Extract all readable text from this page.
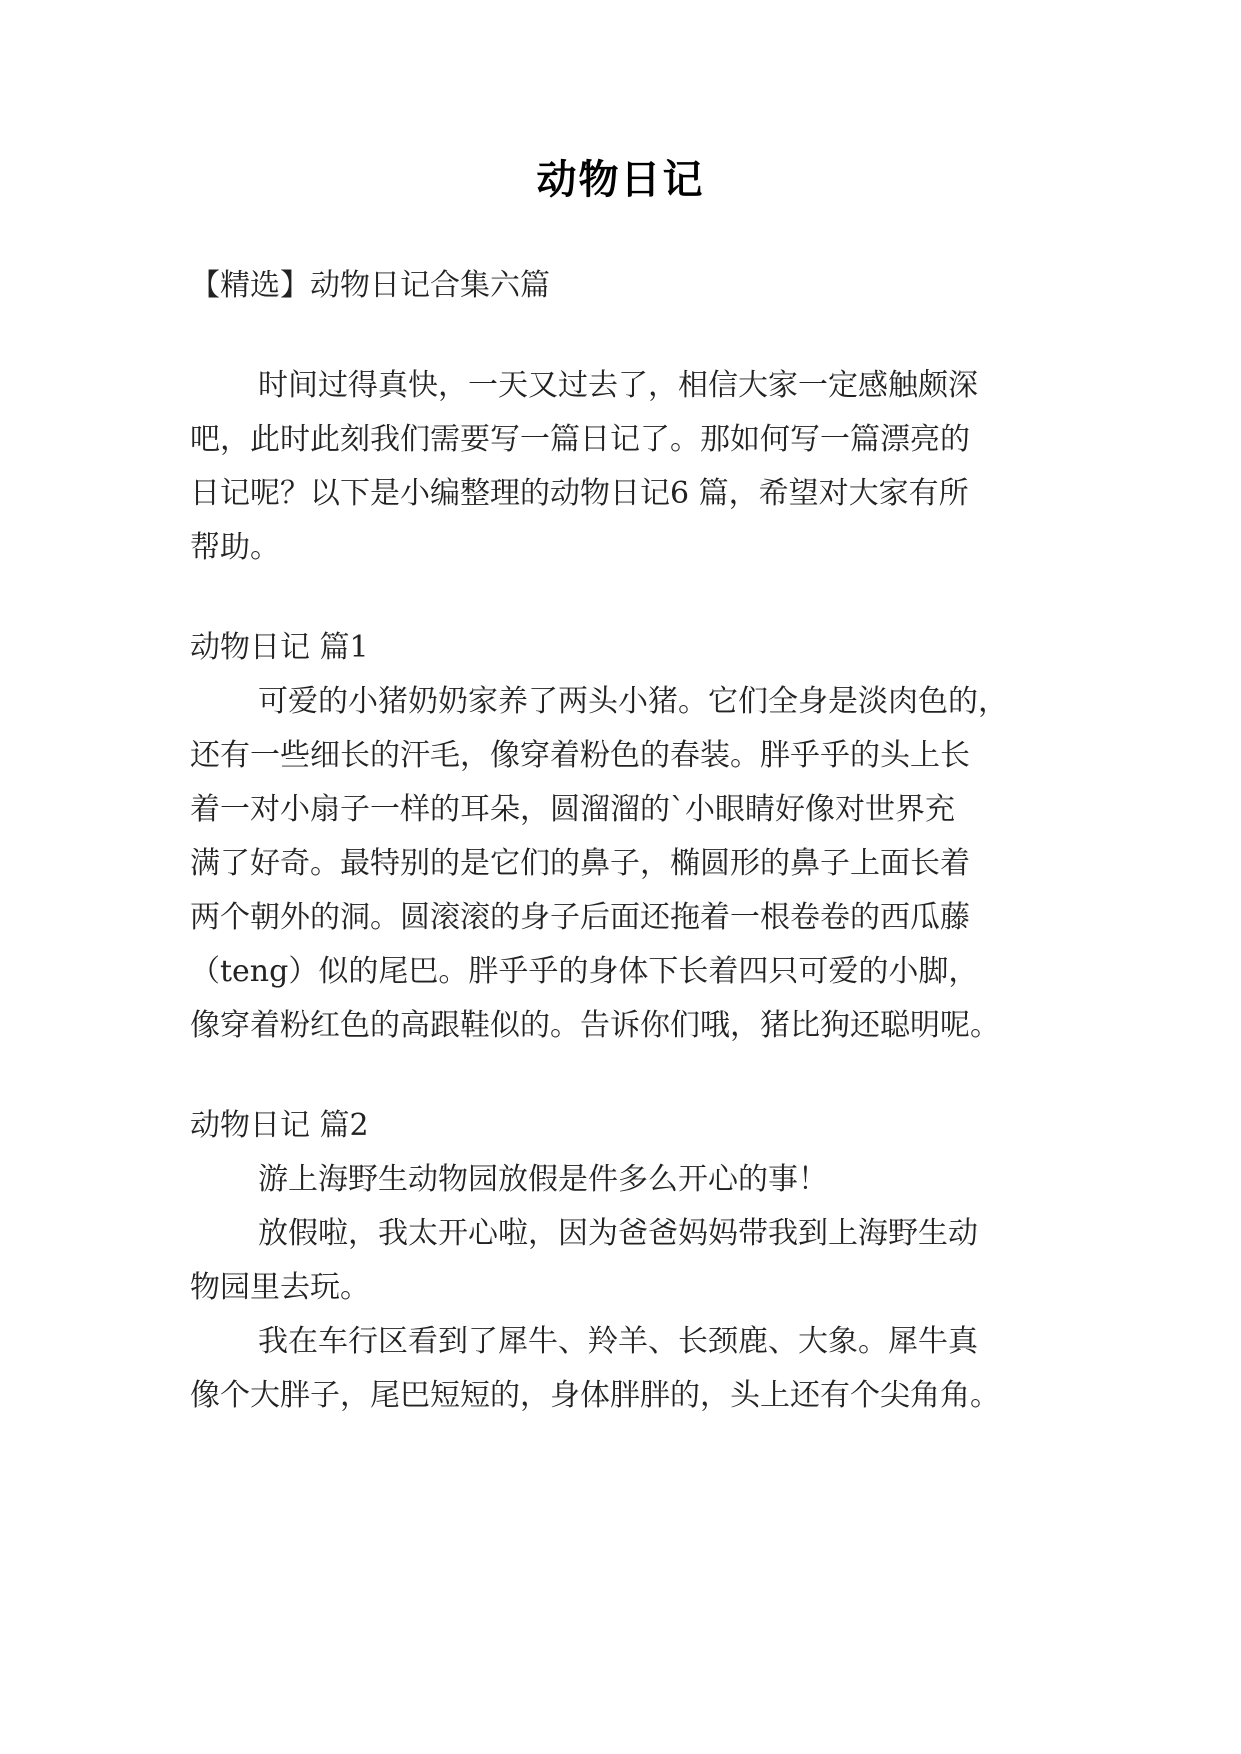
动物日记
【精选】动物日记合集六篇
时间过得真快，一天又过去了，相信大家一定感触颇深
吧，此时此刻我们需要写一篇日记了。那如何写一篇漂亮的
日记呢？以下是小编整理的动物日记6 篇，希望对大家有所
帮助。
动物日记 篇1
可爱的小猪奶奶家养了两头小猪。它们全身是淡肉色的，
还有一些细长的汗毛，像穿着粉色的春装。胖乎乎的头上长
着一对小扇子一样的耳朵，圆溜溜的`小眼睛好像对世界充
满了好奇。最特别的是它们的鼻子，椭圆形的鼻子上面长着
两个朝外的洞。圆滚滚的身子后面还拖着一根卷卷的西瓜藤
（teng）似的尾巴。胖乎乎的身体下长着四只可爱的小脚，
像穿着粉红色的高跟鞋似的。告诉你们哦，猪比狗还聪明呢。
动物日记 篇2
游上海野生动物园放假是件多么开心的事！
放假啦，我太开心啦，因为爸爸妈妈带我到上海野生动
物园里去玩。
我在车行区看到了犀牛、羚羊、长颈鹿、大象。犀牛真
像个大胖子，尾巴短短的，身体胖胖的，头上还有个尖角角。
